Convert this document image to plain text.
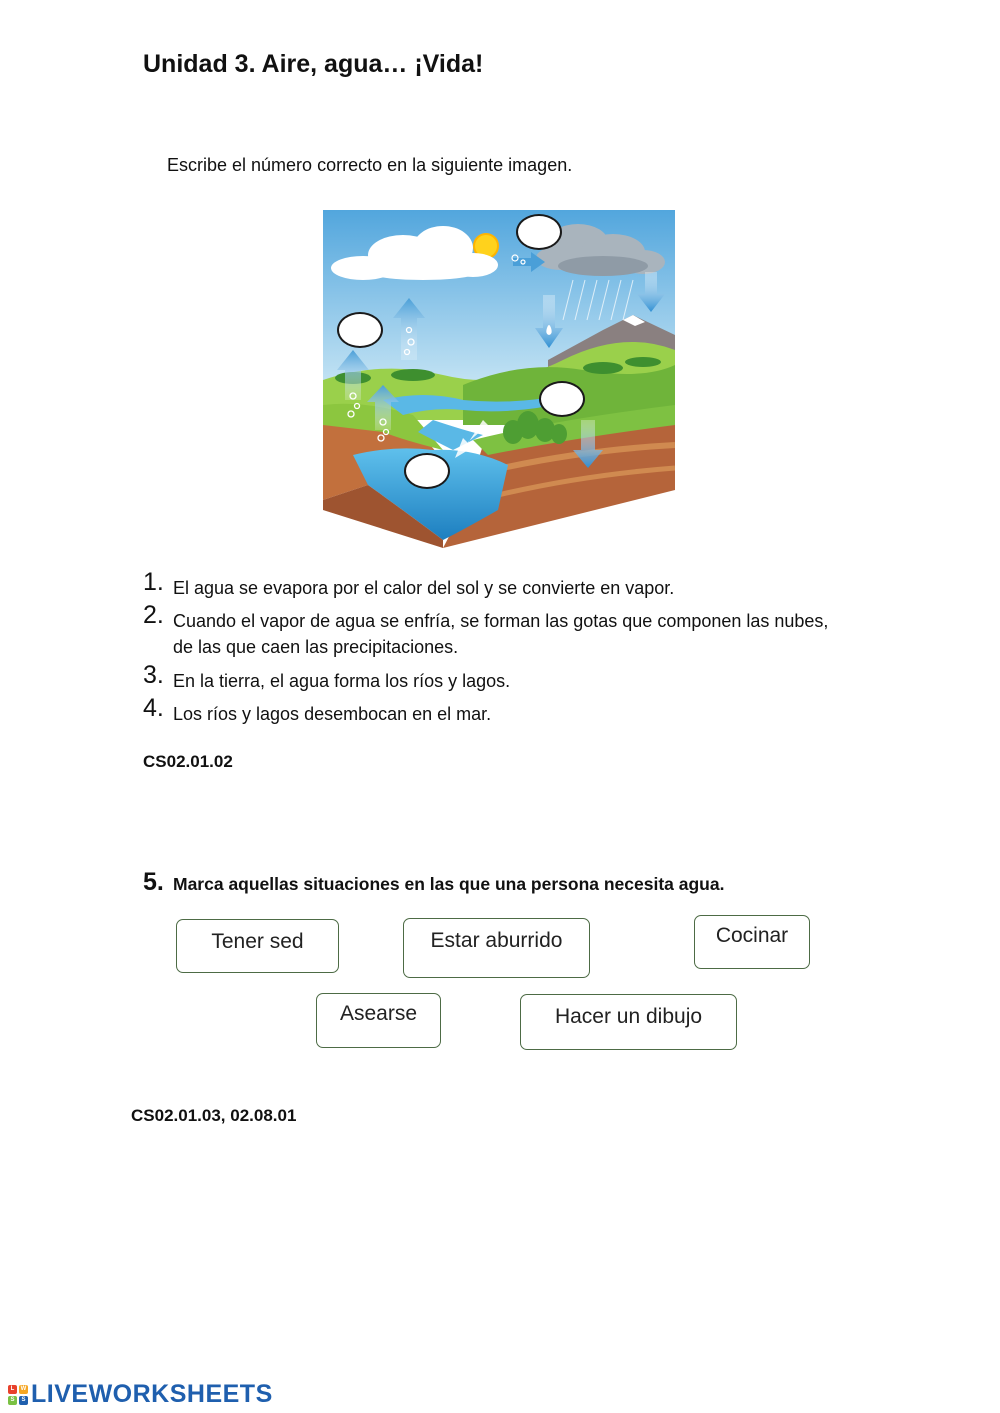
Unidad 3. Aire, agua… ¡Vida!
Escribe el número correcto en la siguiente imagen.
1. El agua se evapora por el calor del sol y se convierte en vapor.
2. Cuando el vapor de agua se enfría, se forman las gotas que componen las nubes, de las que caen las precipitaciones.
3. En la tierra, el agua forma los ríos y lagos.
4. Los ríos y lagos desembocan en el mar.
CS02.01.02
5. Marca aquellas situaciones en las que una persona necesita agua.
Tener sed	Estar aburrido	Cocinar
Asearse	Hacer un dibujo
CS02.01.03, 02.08.01
L	W
S	S LIVEWORKSHEETS
